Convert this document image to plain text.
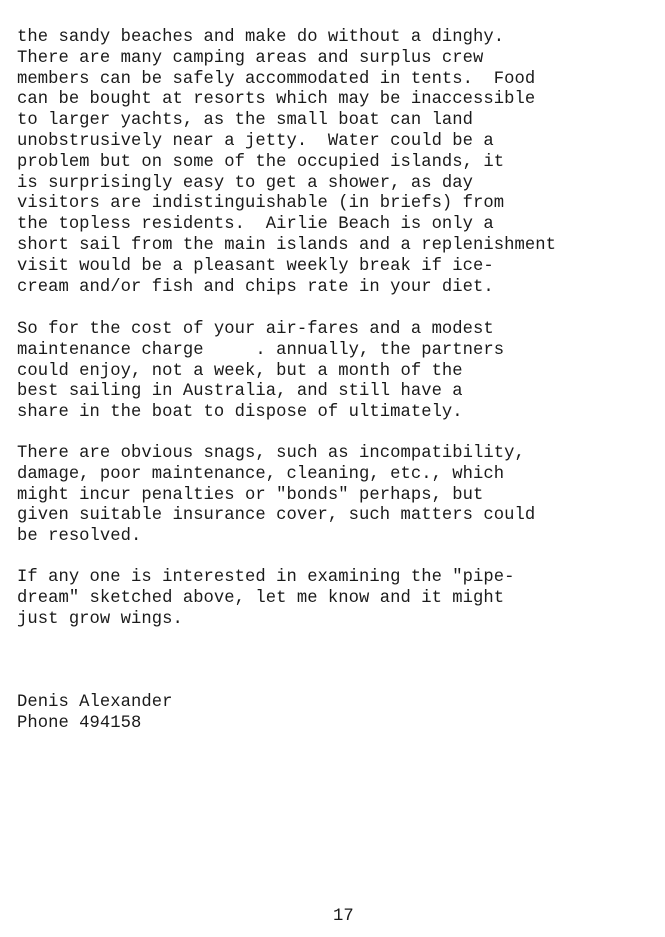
the sandy beaches and make do without a dinghy.
There are many camping areas and surplus crew
members can be safely accommodated in tents.  Food
can be bought at resorts which may be inaccessible
to larger yachts, as the small boat can land
unobstrusively near a jetty.  Water could be a
problem but on some of the occupied islands, it
is surprisingly easy to get a shower, as day
visitors are indistinguishable (in briefs) from
the topless residents.  Airlie Beach is only a
short sail from the main islands and a replenishment
visit would be a pleasant weekly break if ice-
cream and/or fish and chips rate in your diet.
So for the cost of your air-fares and a modest
maintenance charge     . annually, the partners
could enjoy, not a week, but a month of the
best sailing in Australia, and still have a
share in the boat to dispose of ultimately.
There are obvious snags, such as incompatibility,
damage, poor maintenance, cleaning, etc., which
might incur penalties or "bonds" perhaps, but
given suitable insurance cover, such matters could
be resolved.
If any one is interested in examining the "pipe-
dream" sketched above, let me know and it might
just grow wings.
Denis Alexander
Phone 494158
17
